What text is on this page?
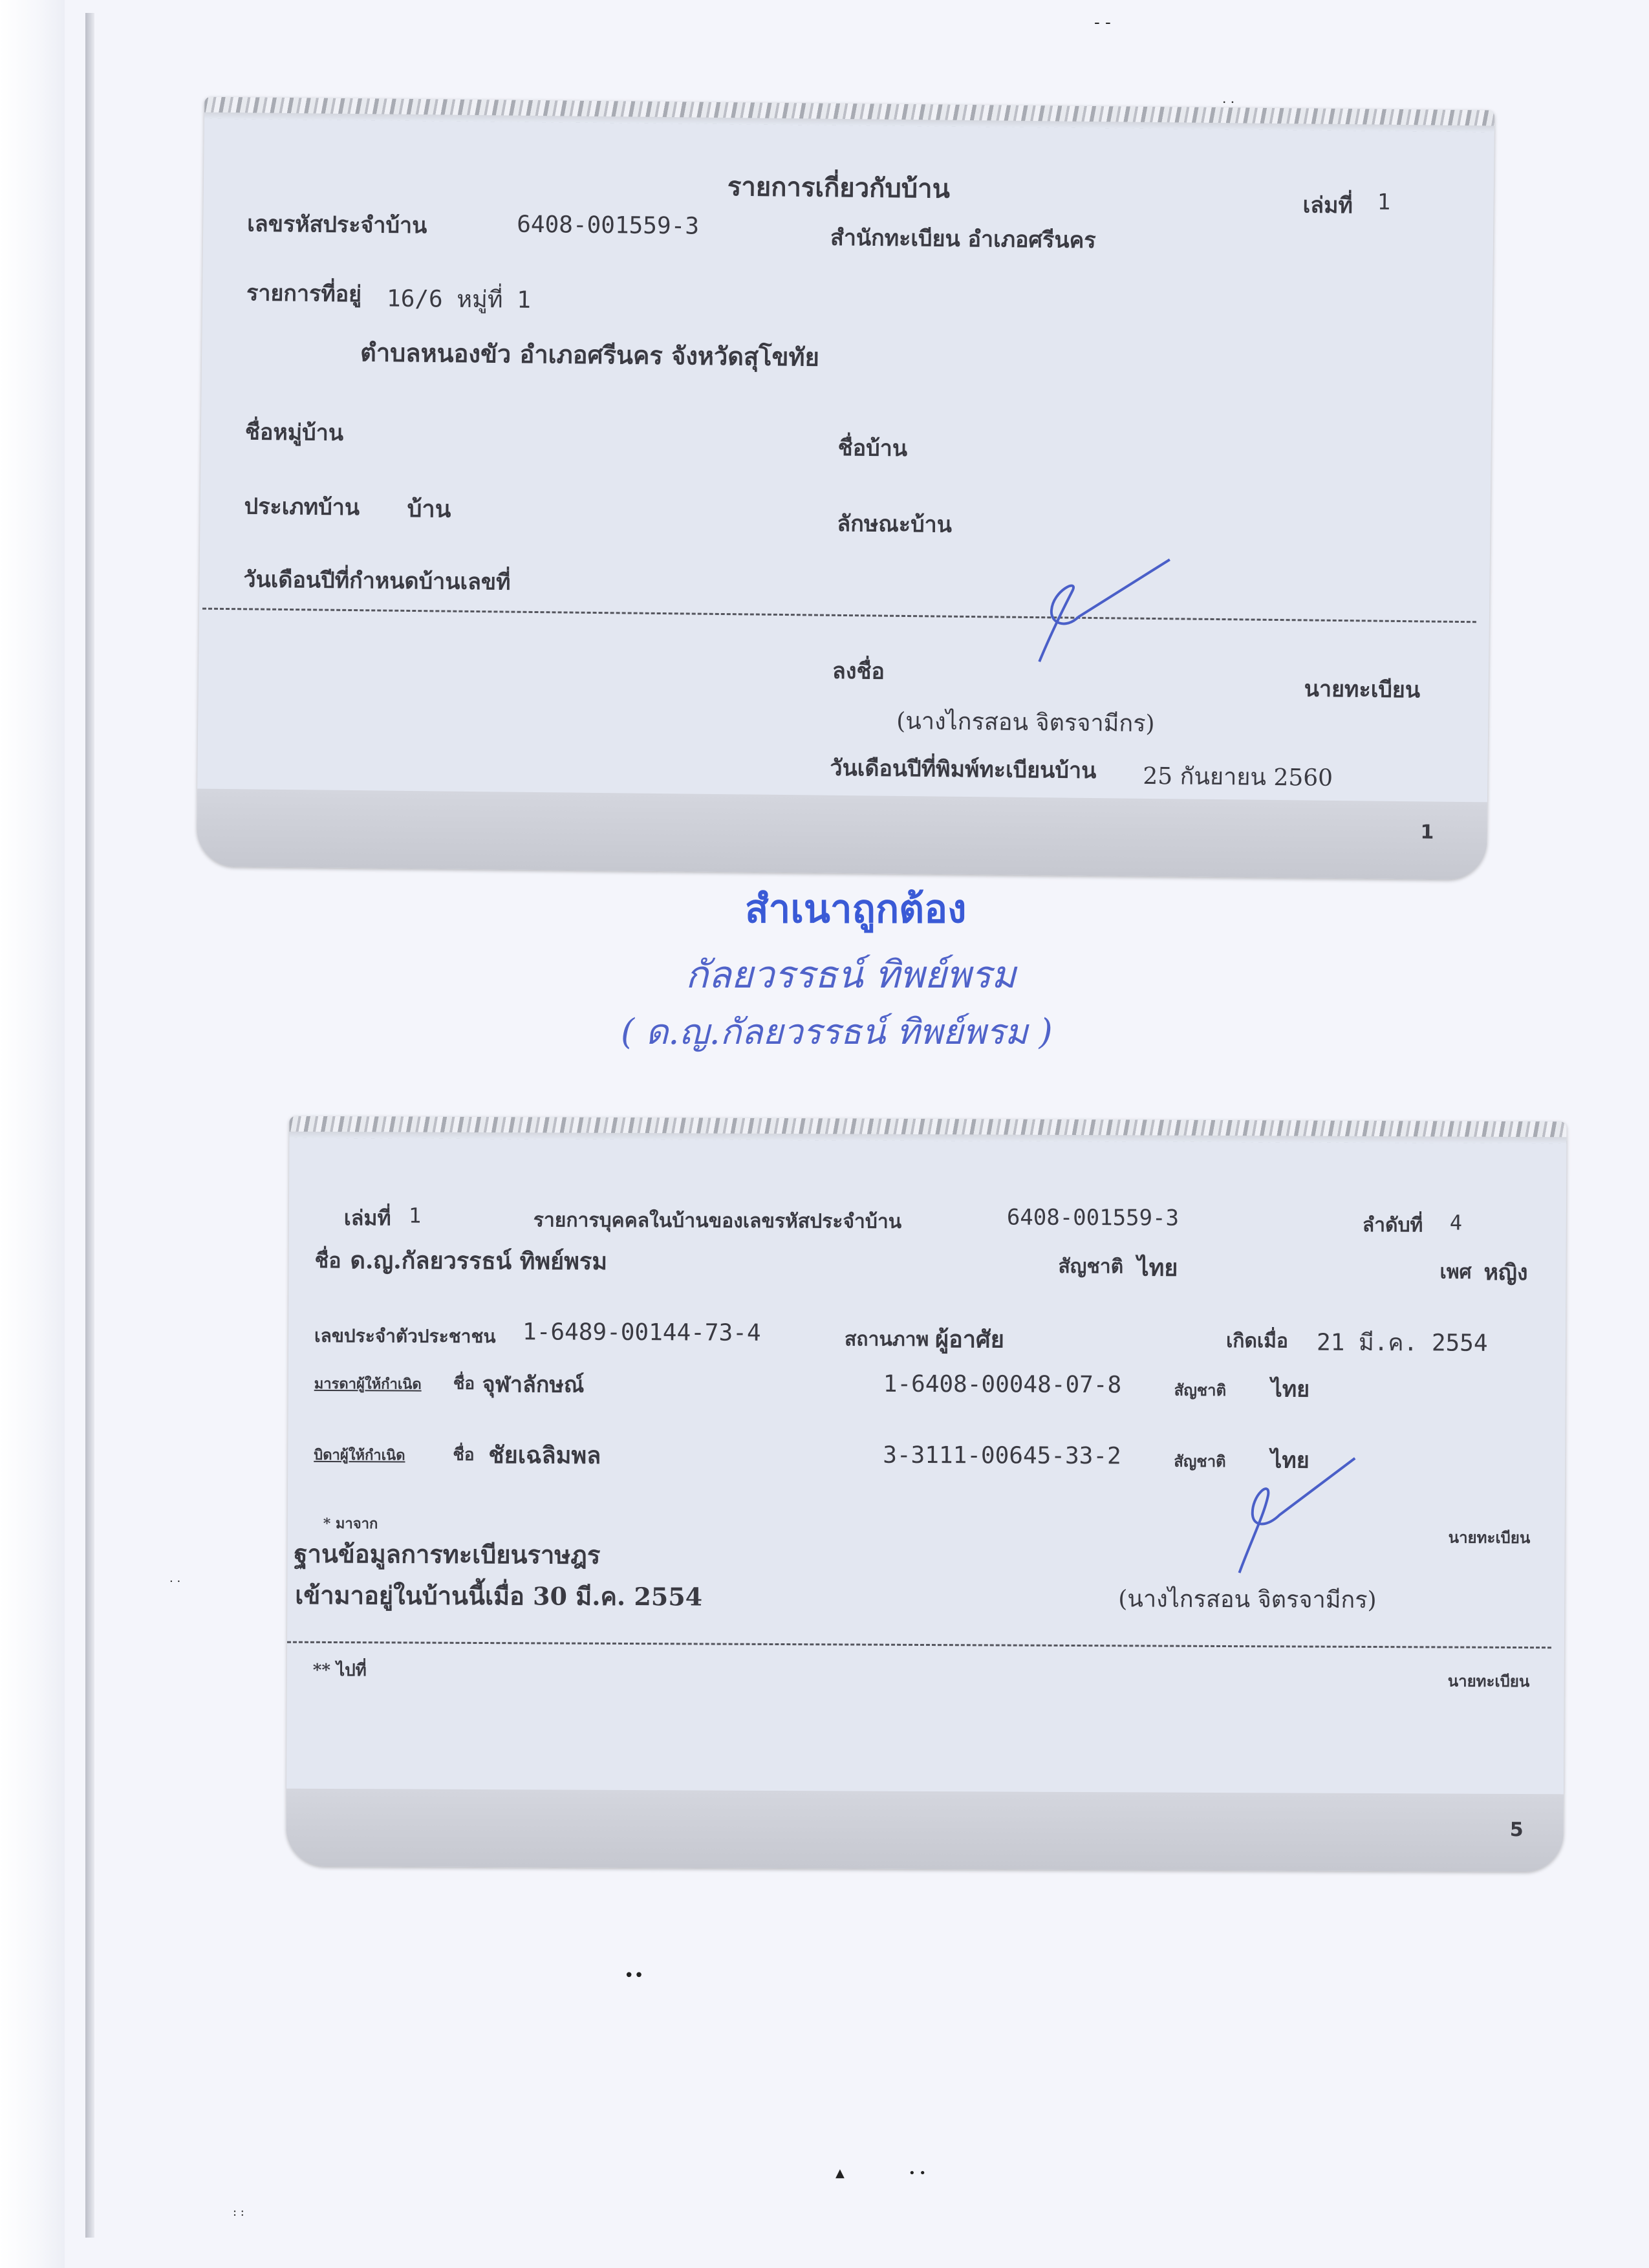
รายการเกี่ยวกับบ้าน
เล่มที่ 1
เลขรหัสประจำบ้าน	6408-001559-3	สำนักทะเบียน อำเภอศรีนคร
รายการที่อยู่ 16/6 หมู่ที่ 1
ตำบลหนองขัว อำเภอศรีนคร จังหวัดสุโขทัย
ชื่อหมู่บ้าน
ชื่อบ้าน
ประเภทบ้าน บ้าน
ลักษณะบ้าน
วันเดือนปีที่กำหนดบ้านเลขที่
ลงชื่อ
นายทะเบียน
(นางไกรสอน จิตรจามีกร)
วันเดือนปีที่พิมพ์ทะเบียนบ้าน 25 กันยายน 2560
1
สำเนาถูกต้อง
กัลยวรรธน์ ทิพย์พรม
( ด.ญ.กัลยวรรธน์ ทิพย์พรม )
เล่มที่ 1	รายการบุคคลในบ้านของเลขรหัสประจำบ้าน	6408-001559-3	ลำดับที่ 4
ชื่อ ด.ญ.กัลยวรรธน์ ทิพย์พรม	สัญชาติ ไทย	เพศ หญิง
เลขประจำตัวประชาชน 1-6489-00144-73-4	สถานภาพ ผู้อาศัย	เกิดเมื่อ 21 มี.ค. 2554
มารดาผู้ให้กำเนิด ชื่อ จุฬาลักษณ์	1-6408-00048-07-8	สัญชาติ ไทย
บิดาผู้ให้กำเนิด	ชื่อ ชัยเฉลิมพล	3-3111-00645-33-2	สัญชาติ ไทย
* มาจาก
ฐานข้อมูลการทะเบียนราษฎร
เข้ามาอยู่ในบ้านนี้เมื่อ 30 มี.ค. 2554
นายทะเบียน
(นางไกรสอน จิตรจามีกร)
** ไปที่
นายทะเบียน
5
- -
. .
••
▲	• •
. .
: :
